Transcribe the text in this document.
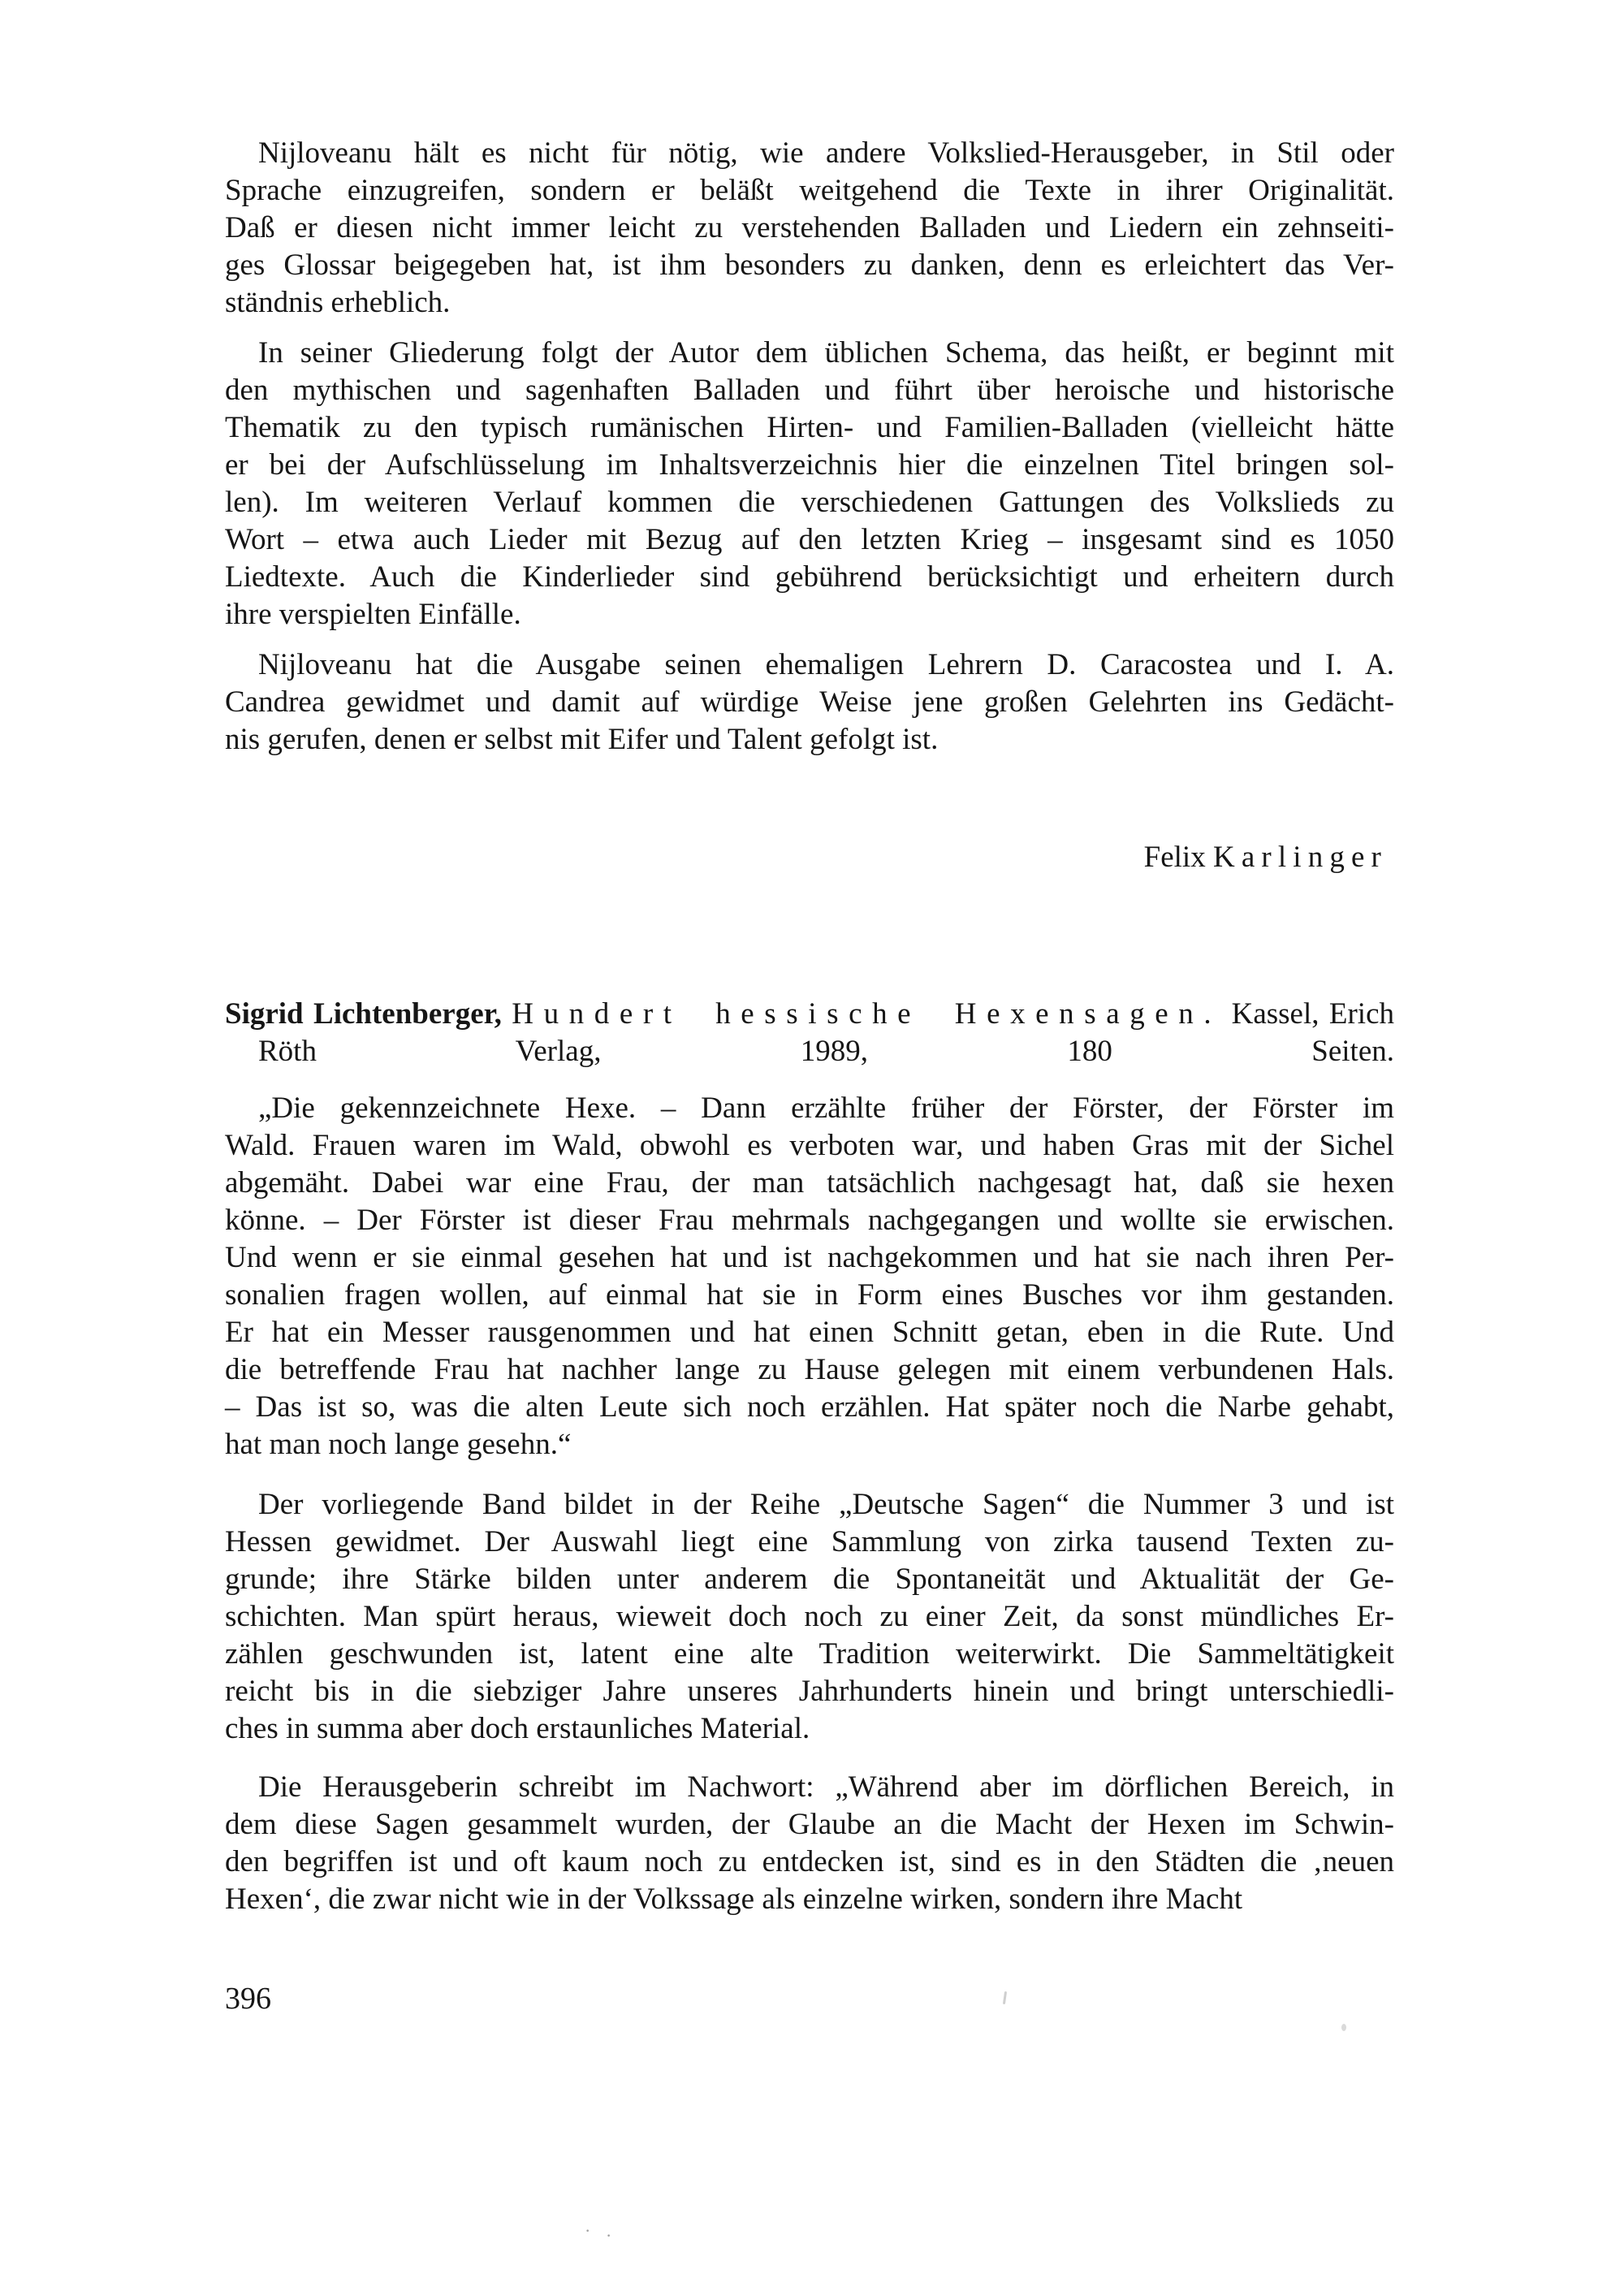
Nijloveanu hält es nicht für nötig, wie andere Volkslied-Herausgeber, in Stil oder
Sprache einzugreifen, sondern er beläßt weitgehend die Texte in ihrer Originalität.
Daß er diesen nicht immer leicht zu verstehenden Balladen und Liedern ein zehnseiti-
ges Glossar beigegeben hat, ist ihm besonders zu danken, denn es erleichtert das Ver-
ständnis erheblich.
In seiner Gliederung folgt der Autor dem üblichen Schema, das heißt, er beginnt mit
den mythischen und sagenhaften Balladen und führt über heroische und historische
Thematik zu den typisch rumänischen Hirten- und Familien-Balladen (vielleicht hätte
er bei der Aufschlüsselung im Inhaltsverzeichnis hier die einzelnen Titel bringen sol-
len). Im weiteren Verlauf kommen die verschiedenen Gattungen des Volkslieds zu
Wort – etwa auch Lieder mit Bezug auf den letzten Krieg – insgesamt sind es 1050
Liedtexte. Auch die Kinderlieder sind gebührend berücksichtigt und erheitern durch
ihre verspielten Einfälle.
Nijloveanu hat die Ausgabe seinen ehemaligen Lehrern D. Caracostea und I. A.
Candrea gewidmet und damit auf würdige Weise jene großen Gelehrten ins Gedächt-
nis gerufen, denen er selbst mit Eifer und Talent gefolgt ist.
Felix Karlinger
Sigrid Lichtenberger, Hundert hessische Hexensagen. Kassel, Erich
Röth Verlag, 1989, 180 Seiten.
„Die gekennzeichnete Hexe. – Dann erzählte früher der Förster, der Förster im
Wald. Frauen waren im Wald, obwohl es verboten war, und haben Gras mit der Sichel
abgemäht. Dabei war eine Frau, der man tatsächlich nachgesagt hat, daß sie hexen
könne. – Der Förster ist dieser Frau mehrmals nachgegangen und wollte sie erwischen.
Und wenn er sie einmal gesehen hat und ist nachgekommen und hat sie nach ihren Per-
sonalien fragen wollen, auf einmal hat sie in Form eines Busches vor ihm gestanden.
Er hat ein Messer rausgenommen und hat einen Schnitt getan, eben in die Rute. Und
die betreffende Frau hat nachher lange zu Hause gelegen mit einem verbundenen Hals.
– Das ist so, was die alten Leute sich noch erzählen. Hat später noch die Narbe gehabt,
hat man noch lange gesehn.“
Der vorliegende Band bildet in der Reihe „Deutsche Sagen“ die Nummer 3 und ist
Hessen gewidmet. Der Auswahl liegt eine Sammlung von zirka tausend Texten zu-
grunde; ihre Stärke bilden unter anderem die Spontaneität und Aktualität der Ge-
schichten. Man spürt heraus, wieweit doch noch zu einer Zeit, da sonst mündliches Er-
zählen geschwunden ist, latent eine alte Tradition weiterwirkt. Die Sammeltätigkeit
reicht bis in die siebziger Jahre unseres Jahrhunderts hinein und bringt unterschiedli-
ches in summa aber doch erstaunliches Material.
Die Herausgeberin schreibt im Nachwort: „Während aber im dörflichen Bereich, in
dem diese Sagen gesammelt wurden, der Glaube an die Macht der Hexen im Schwin-
den begriffen ist und oft kaum noch zu entdecken ist, sind es in den Städten die ‚neuen
Hexen‘, die zwar nicht wie in der Volkssage als einzelne wirken, sondern ihre Macht
396
· .
